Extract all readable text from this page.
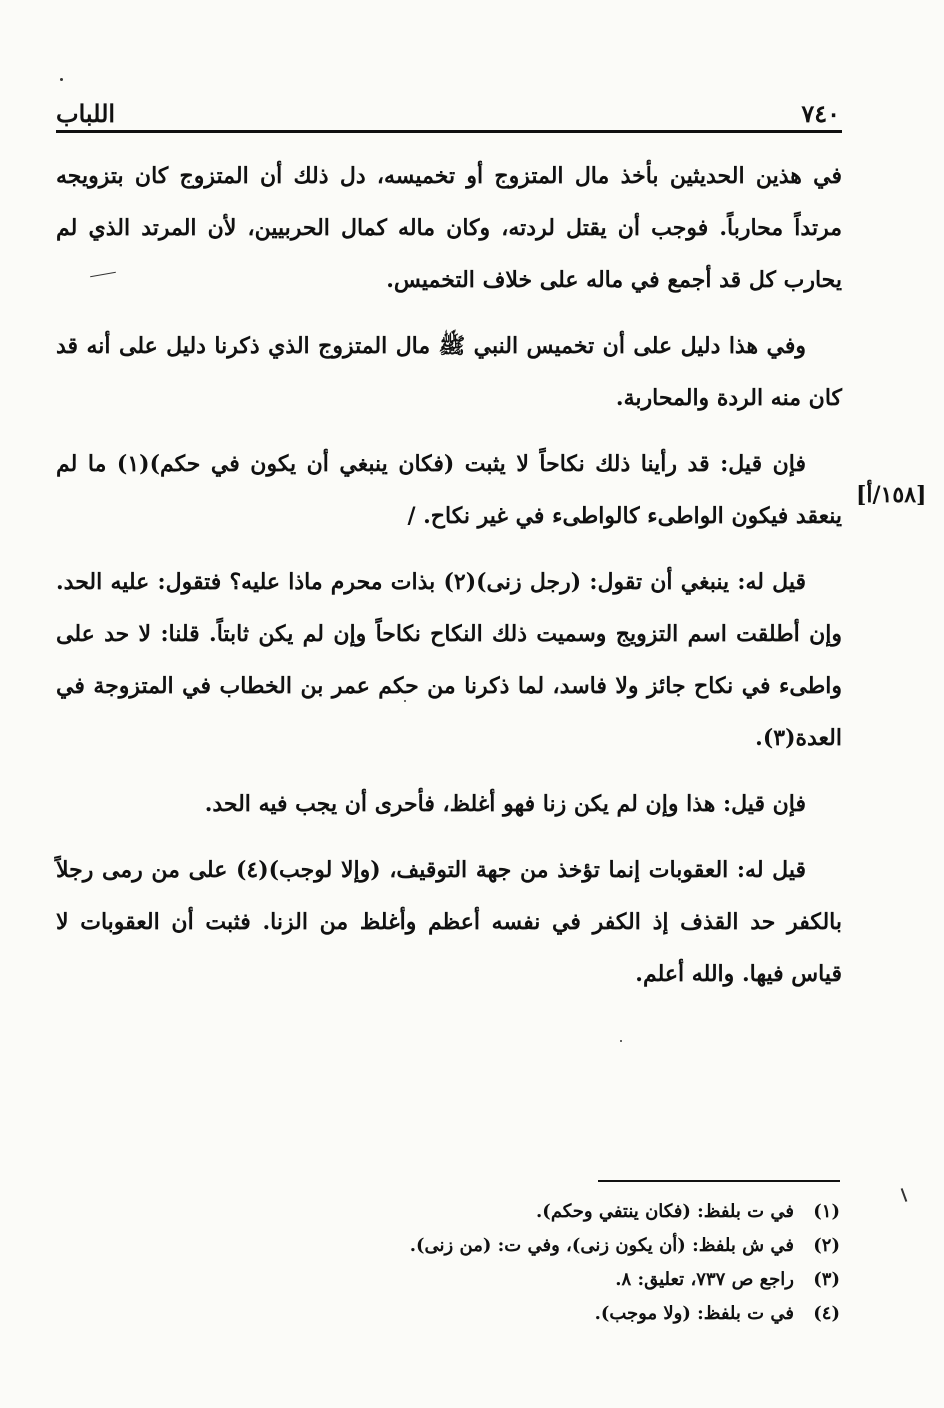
٧٤٠
اللباب

في هذين الحديثين بأخذ مال المتزوج أو تخميسه، دل ذلك أن المتزوج كان بتزويجه مرتداً محارباً. فوجب أن يقتل لردته، وكان ماله كمال الحربيين، لأن المرتد الذي لم يحارب كل قد أجمع في ماله على خلاف التخميس.

وفي هذا دليل على أن تخميس النبي ﷺ مال المتزوج الذي ذكرنا دليل على أنه قد كان منه الردة والمحاربة.

فإن قيل: قد رأينا ذلك نكاحاً لا يثبت (فكان ينبغي أن يكون في حكم)(١) ما لم ينعقد فيكون الواطىء كالواطىء في غير نكاح. /

قيل له: ينبغي أن تقول: (رجل زنى)(٢) بذات محرم ماذا عليه؟ فتقول: عليه الحد. وإن أطلقت اسم التزويج وسميت ذلك النكاح نكاحاً وإن لم يكن ثابتاً. قلنا: لا حد على واطىء في نكاح جائز ولا فاسد، لما ذكرنا من حكم عمر بن الخطاب في المتزوجة في العدة(٣).

فإن قيل: هذا وإن لم يكن زنا فهو أغلظ، فأحرى أن يجب فيه الحد.

قيل له: العقوبات إنما تؤخذ من جهة التوقيف، (وإلا لوجب)(٤) على من رمى رجلاً بالكفر حد القذف إذ الكفر في نفسه أعظم وأغلظ من الزنا. فثبت أن العقوبات لا قياس فيها. والله أعلم.

[١٥٨/أ]
(١)
في ت بلفظ: (فكان ينتفي وحكم).
(٢)
في ش بلفظ: (أن يكون زنى)، وفي ت: (من زنى).
(٣)
راجع ص ٧٣٧، تعليق: ٨.
(٤)
في ت بلفظ: (ولا موجب).
